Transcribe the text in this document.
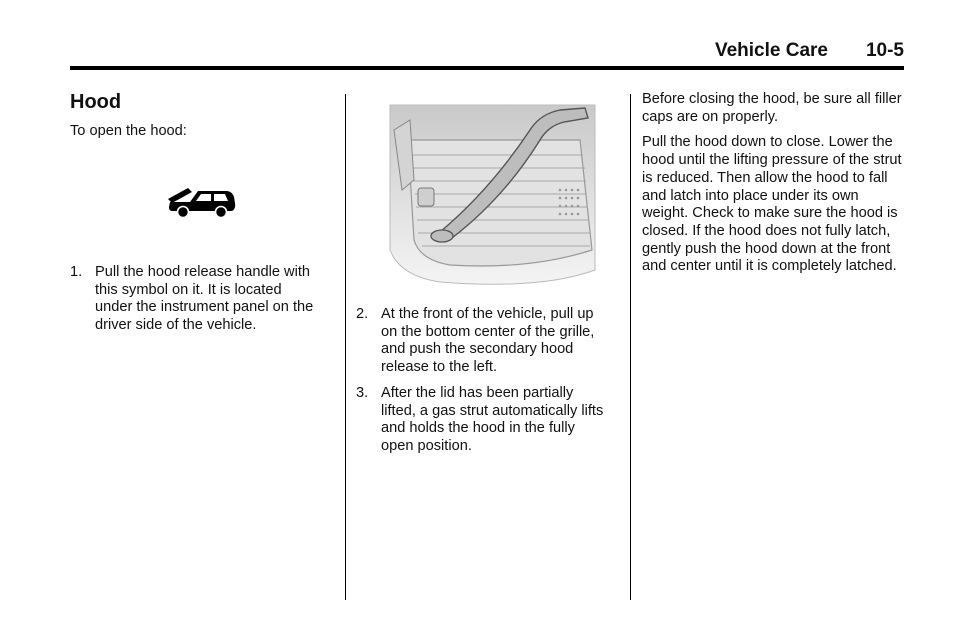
Vehicle Care 10-5
Hood

To open the hood:

1. Pull the hood release handle with this symbol on it. It is located under the instrument panel on the driver side of the vehicle.
2. At the front of the vehicle, pull up on the bottom center of the grille, and push the secondary hood release to the left.
3. After the lid has been partially lifted, a gas strut automatically lifts and holds the hood in the fully open position.

Before closing the hood, be sure all filler caps are on properly.

Pull the hood down to close. Lower the hood until the lifting pressure of the strut is reduced. Then allow the hood to fall and latch into place under its own weight. Check to make sure the hood is closed. If the hood does not fully latch, gently push the hood down at the front and center until it is completely latched.
